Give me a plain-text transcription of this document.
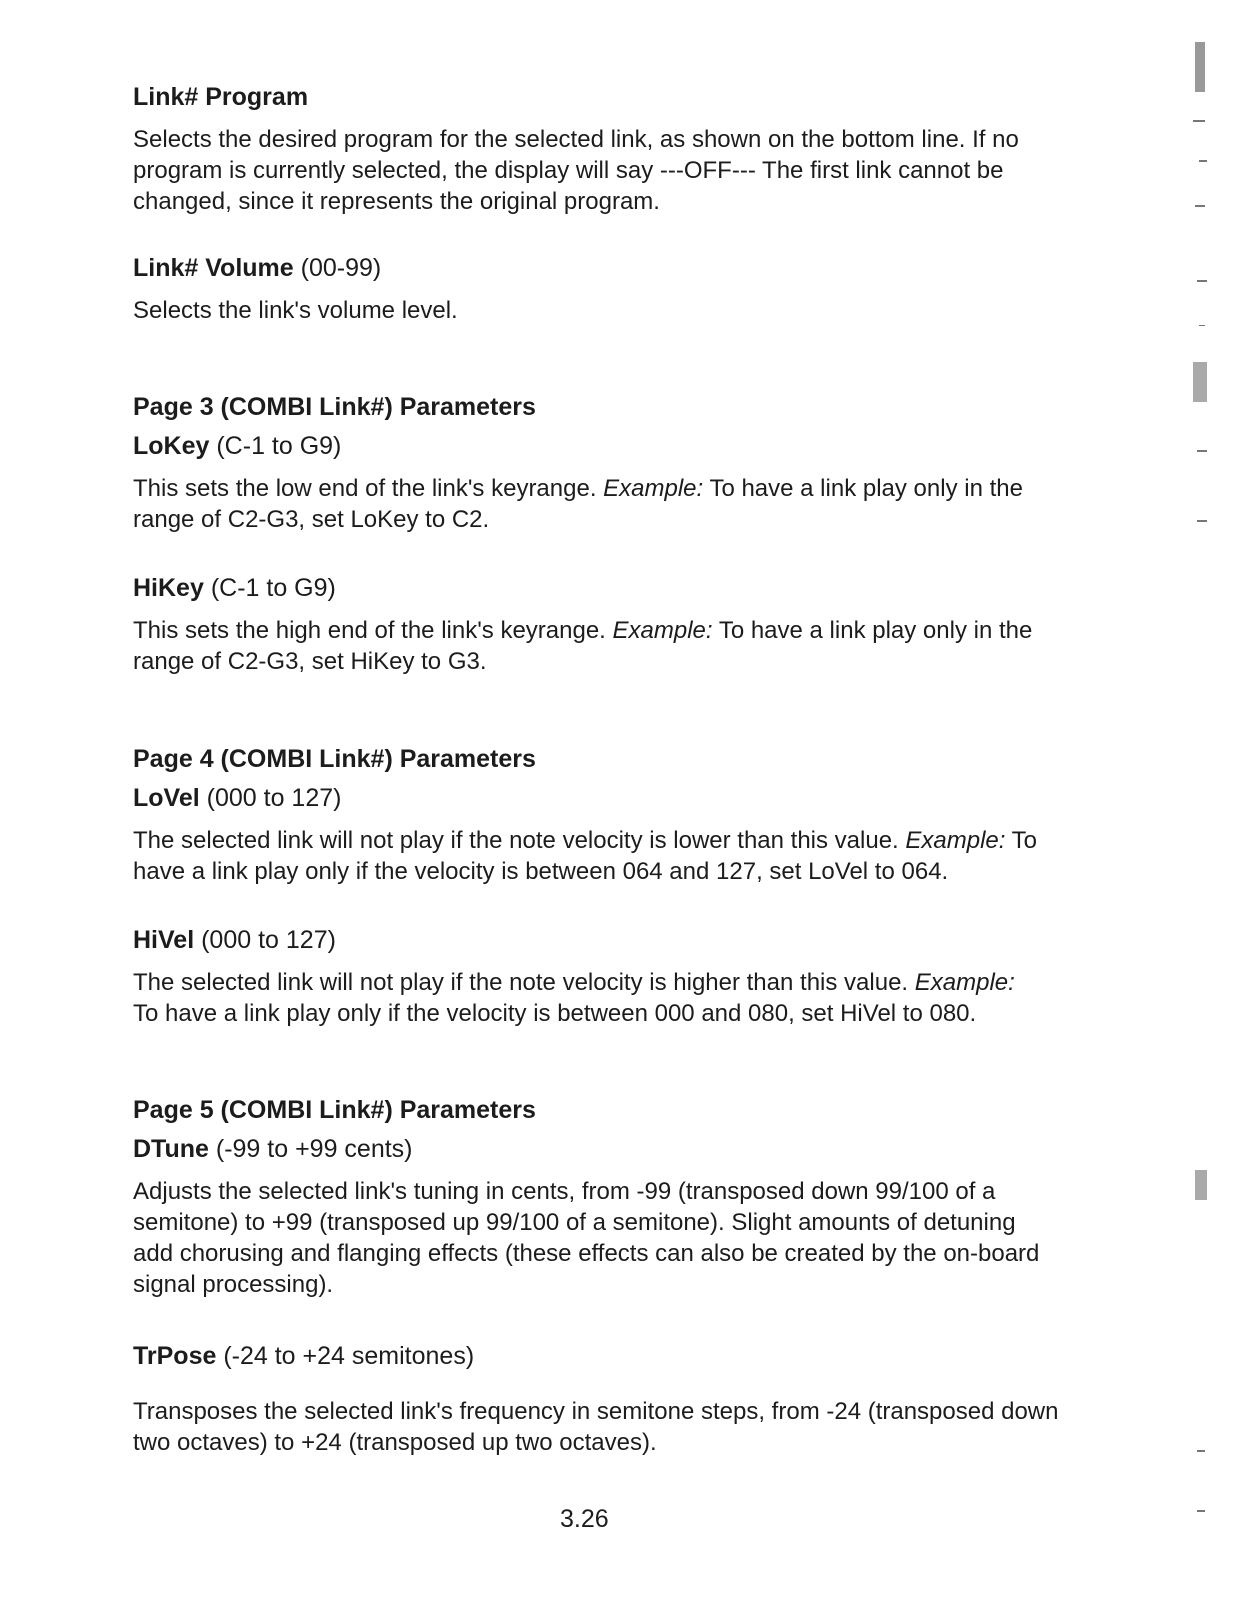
Link# Program

Selects the desired program for the selected link, as shown on the bottom line. If no program is currently selected, the display will say ---OFF--- The first link cannot be changed, since it represents the original program.

Link# Volume (00-99)

Selects the link's volume level.

Page 3 (COMBI Link#) Parameters

LoKey (C-1 to G9)

This sets the low end of the link's keyrange. Example: To have a link play only in the range of C2-G3, set LoKey to C2.

HiKey (C-1 to G9)

This sets the high end of the link's keyrange. Example: To have a link play only in the range of C2-G3, set HiKey to G3.

Page 4 (COMBI Link#) Parameters

LoVel (000 to 127)

The selected link will not play if the note velocity is lower than this value. Example: To have a link play only if the velocity is between 064 and 127, set LoVel to 064.

HiVel (000 to 127)

The selected link will not play if the note velocity is higher than this value. Example: To have a link play only if the velocity is between 000 and 080, set HiVel to 080.

Page 5 (COMBI Link#) Parameters

DTune (-99 to +99 cents)

Adjusts the selected link's tuning in cents, from -99 (transposed down 99/100 of a semitone) to +99 (transposed up 99/100 of a semitone). Slight amounts of detuning add chorusing and flanging effects (these effects can also be created by the on-board signal processing).

TrPose (-24 to +24 semitones)

Transposes the selected link's frequency in semitone steps, from -24 (transposed down two octaves) to +24 (transposed up two octaves).

3.26
